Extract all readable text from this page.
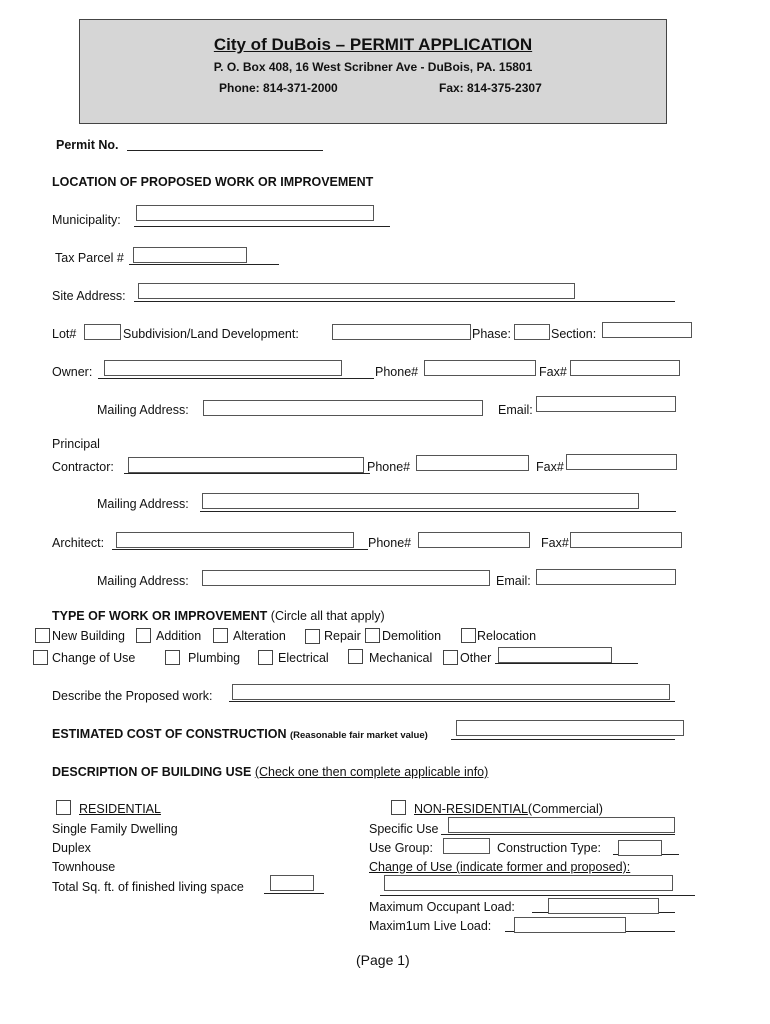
City of DuBois – PERMIT APPLICATION
P. O. Box 408, 16 West Scribner Ave - DuBois, PA. 15801
Phone: 814-371-2000	Fax: 814-375-2307
Permit No.
LOCATION OF PROPOSED WORK OR IMPROVEMENT
Municipality:
Tax Parcel #
Site Address:
Lot#	Subdivision/Land Development:	Phase:	Section:
Owner:	Phone#	Fax#
Mailing Address:	Email:
Principal
Contractor:	Phone#	Fax#
Mailing Address:
Architect:	Phone#	Fax#
Mailing Address:	Email:
TYPE OF WORK OR IMPROVEMENT (Circle all that apply)
New Building Addition	Alteration	Repair Demolition	Relocation
Change of Use	Plumbing	Electrical	Mechanical Other
Describe the Proposed work:
ESTIMATED COST OF CONSTRUCTION (Reasonable fair market value)
DESCRIPTION OF BUILDING USE (Check one then complete applicable info)
RESIDENTIAL
Single Family Dwelling
Duplex
Townhouse
Total Sq. ft. of finished living space
NON-RESIDENTIAL(Commercial)
Specific Use
Use Group:	Construction Type:
Change of Use (indicate former and proposed):
Maximum Occupant Load:
Maxim1um Live Load:
(Page 1)
